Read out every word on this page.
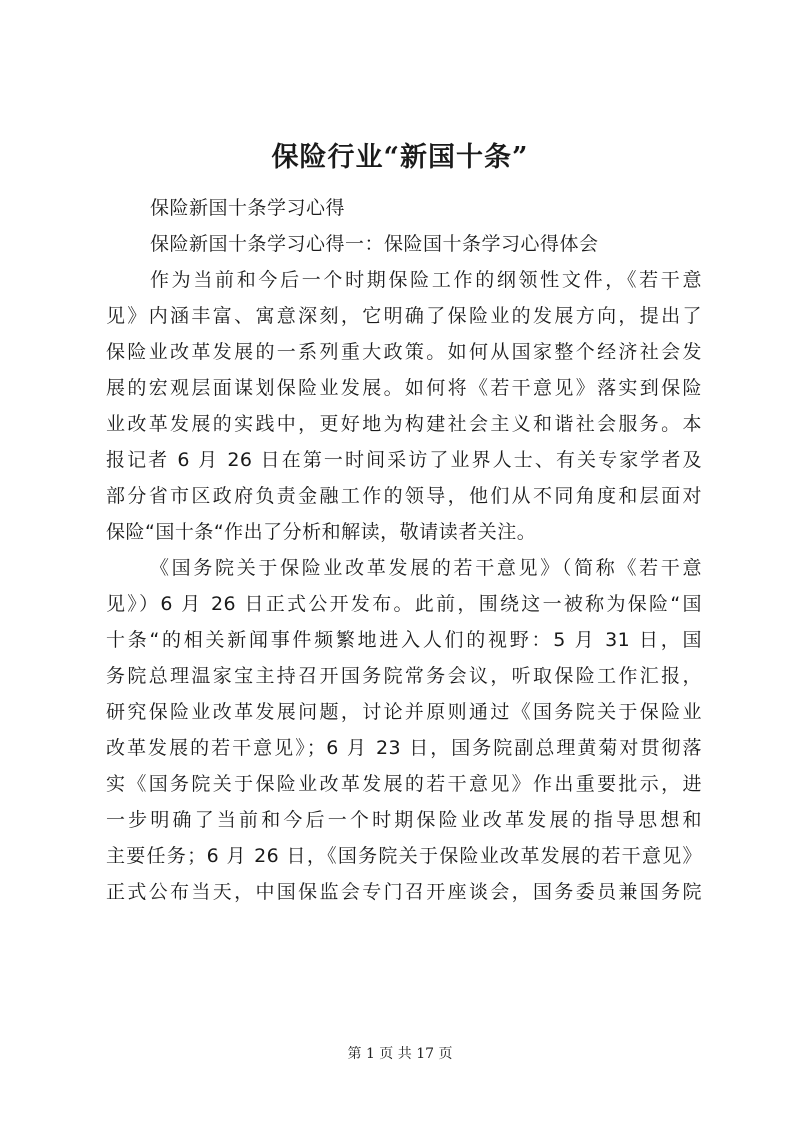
保险行业“新国十条”
保险新国十条学习心得
保险新国十条学习心得一：保险国十条学习心得体会
作为当前和今后一个时期保险工作的纲领性文件，《若干意
见》内涵丰富、寓意深刻，它明确了保险业的发展方向，提出了
保险业改革发展的一系列重大政策。如何从国家整个经济社会发
展的宏观层面谋划保险业发展。如何将《若干意见》落实到保险
业改革发展的实践中，更好地为构建社会主义和谐社会服务。本
报记者 6 月 26 日在第一时间采访了业界人士、有关专家学者及
部分省市区政府负责金融工作的领导，他们从不同角度和层面对
保险“国十条“作出了分析和解读，敬请读者关注。
《国务院关于保险业改革发展的若干意见》（简称《若干意
见》）6 月 26 日正式公开发布。此前，围绕这一被称为保险“国
十条“的相关新闻事件频繁地进入人们的视野：5 月 31 日，国
务院总理温家宝主持召开国务院常务会议，听取保险工作汇报，
研究保险业改革发展问题，讨论并原则通过《国务院关于保险业
改革发展的若干意见》；6 月 23 日，国务院副总理黄菊对贯彻落
实《国务院关于保险业改革发展的若干意见》作出重要批示，进
一步明确了当前和今后一个时期保险业改革发展的指导思想和
主要任务；6 月 26 日，《国务院关于保险业改革发展的若干意见》
正式公布当天，中国保监会专门召开座谈会，国务委员兼国务院
第 1 页 共 17 页
